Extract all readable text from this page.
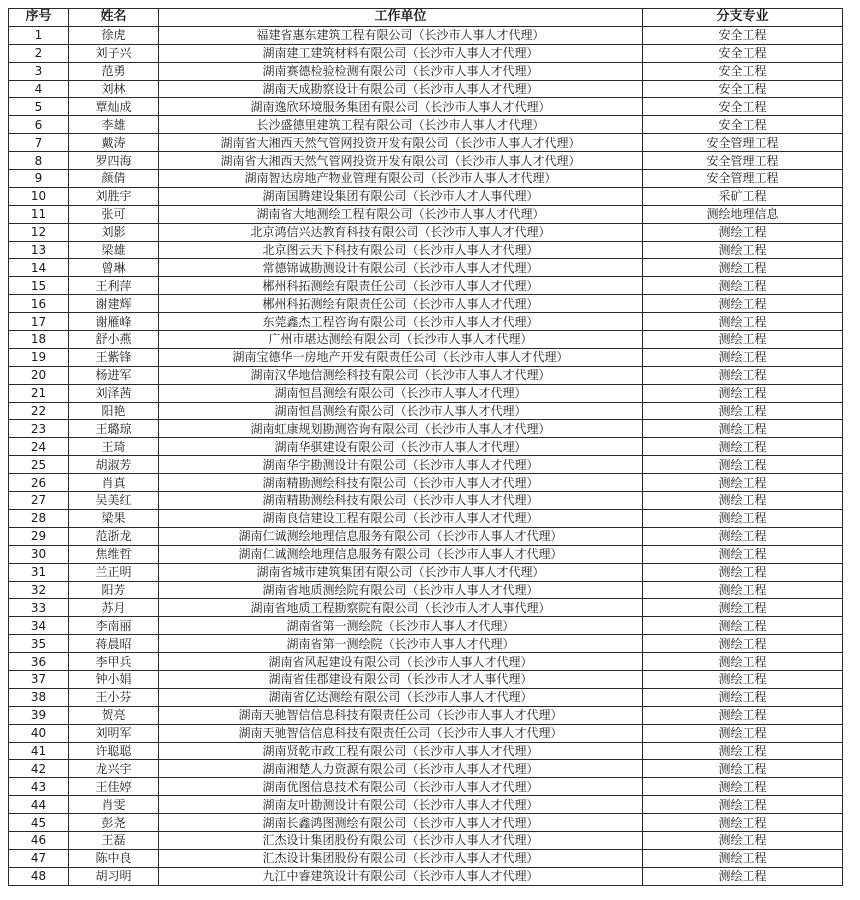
序号	姓名	工作单位	分支专业
1	徐虎	福建省惠东建筑工程有限公司（长沙市人事人才代理）	安全工程
2	刘子兴	湖南建工建筑材料有限公司（长沙市人事人才代理）	安全工程
3	范勇	湖南赛德检验检测有限公司（长沙市人事人才代理）	安全工程
4	刘林	湖南天成勘察设计有限公司（长沙市人事人才代理）	安全工程
5	覃灿成	湖南逸欣环境服务集团有限公司（长沙市人事人才代理）	安全工程
6	李雄	长沙盛德里建筑工程有限公司（长沙市人事人才代理）	安全工程
7	戴涛	湖南省大湘西天然气管网投资开发有限公司（长沙市人事人才代理）	安全管理工程
8	罗四海	湖南省大湘西天然气管网投资开发有限公司（长沙市人事人才代理）	安全管理工程
9	颜倩	湖南智达房地产物业管理有限公司（长沙市人事人才代理）	安全管理工程
10	刘胜宇	湖南国腾建设集团有限公司（长沙市人才人事代理）	采矿工程
11	张可	湖南省大地测绘工程有限公司（长沙市人事人才代理）	测绘地理信息
12	刘影	北京鸿信兴达教育科技有限公司（长沙市人事人才代理）	测绘工程
13	梁雄	北京图云天下科技有限公司（长沙市人事人才代理）	测绘工程
14	曾琳	常德锦诚勘测设计有限公司（长沙市人事人才代理）	测绘工程
15	王利萍	郴州科拓测绘有限责任公司（长沙市人事人才代理）	测绘工程
16	谢建辉	郴州科拓测绘有限责任公司（长沙市人事人才代理）	测绘工程
17	谢雁峰	东莞鑫杰工程咨询有限公司（长沙市人事人才代理）	测绘工程
18	舒小燕	广州市堪达测绘有限公司（长沙市人事人才代理）	测绘工程
19	王紫锋	湖南宝德华一房地产开发有限责任公司（长沙市人事人才代理）	测绘工程
20	杨进军	湖南汉华地信测绘科技有限公司（长沙市人事人才代理）	测绘工程
21	刘泽茜	湖南恒昌测绘有限公司（长沙市人事人才代理）	测绘工程
22	阳艳	湖南恒昌测绘有限公司（长沙市人事人才代理）	测绘工程
23	王璐琼	湖南虹康规划勘测咨询有限公司（长沙市人事人才代理）	测绘工程
24	王琦	湖南华骐建设有限公司（长沙市人事人才代理）	测绘工程
25	胡淑芳	湖南华宇勘测设计有限公司（长沙市人事人才代理）	测绘工程
26	肖真	湖南精勘测绘科技有限公司（长沙市人事人才代理）	测绘工程
27	吴美红	湖南精勘测绘科技有限公司（长沙市人事人才代理）	测绘工程
28	梁果	湖南良信建设工程有限公司（长沙市人事人才代理）	测绘工程
29	范浙龙	湖南仁诚测绘地理信息服务有限公司（长沙市人事人才代理）	测绘工程
30	焦维哲	湖南仁诚测绘地理信息服务有限公司（长沙市人事人才代理）	测绘工程
31	兰正明	湖南省城市建筑集团有限公司（长沙市人事人才代理）	测绘工程
32	阳芳	湖南省地质测绘院有限公司（长沙市人事人才代理）	测绘工程
33	苏月	湖南省地质工程勘察院有限公司（长沙市人才人事代理）	测绘工程
34	李南丽	湖南省第一测绘院（长沙市人事人才代理）	测绘工程
35	蒋晨昭	湖南省第一测绘院（长沙市人事人才代理）	测绘工程
36	李甲兵	湖南省风起建设有限公司（长沙市人事人才代理）	测绘工程
37	钟小娟	湖南省佳郡建设有限公司（长沙市人才人事代理）	测绘工程
38	王小芬	湖南省亿达测绘有限公司（长沙市人事人才代理）	测绘工程
39	贺亮	湖南天驰智信信息科技有限责任公司（长沙市人事人才代理）	测绘工程
40	刘明军	湖南天驰智信信息科技有限责任公司（长沙市人事人才代理）	测绘工程
41	许聪聪	湖南贤乾市政工程有限公司（长沙市人事人才代理）	测绘工程
42	龙兴宇	湖南湘楚人力资源有限公司（长沙市人事人才代理）	测绘工程
43	王佳婷	湖南优图信息技术有限公司（长沙市人事人才代理）	测绘工程
44	肖雯	湖南友叶勘测设计有限公司（长沙市人事人才代理）	测绘工程
45	彭尧	湖南长鑫鸿图测绘有限公司（长沙市人事人才代理）	测绘工程
46	王磊	汇杰设计集团股份有限公司（长沙市人事人才代理）	测绘工程
47	陈中良	汇杰设计集团股份有限公司（长沙市人事人才代理）	测绘工程
48	胡习明	九江中睿建筑设计有限公司（长沙市人事人才代理）	测绘工程
